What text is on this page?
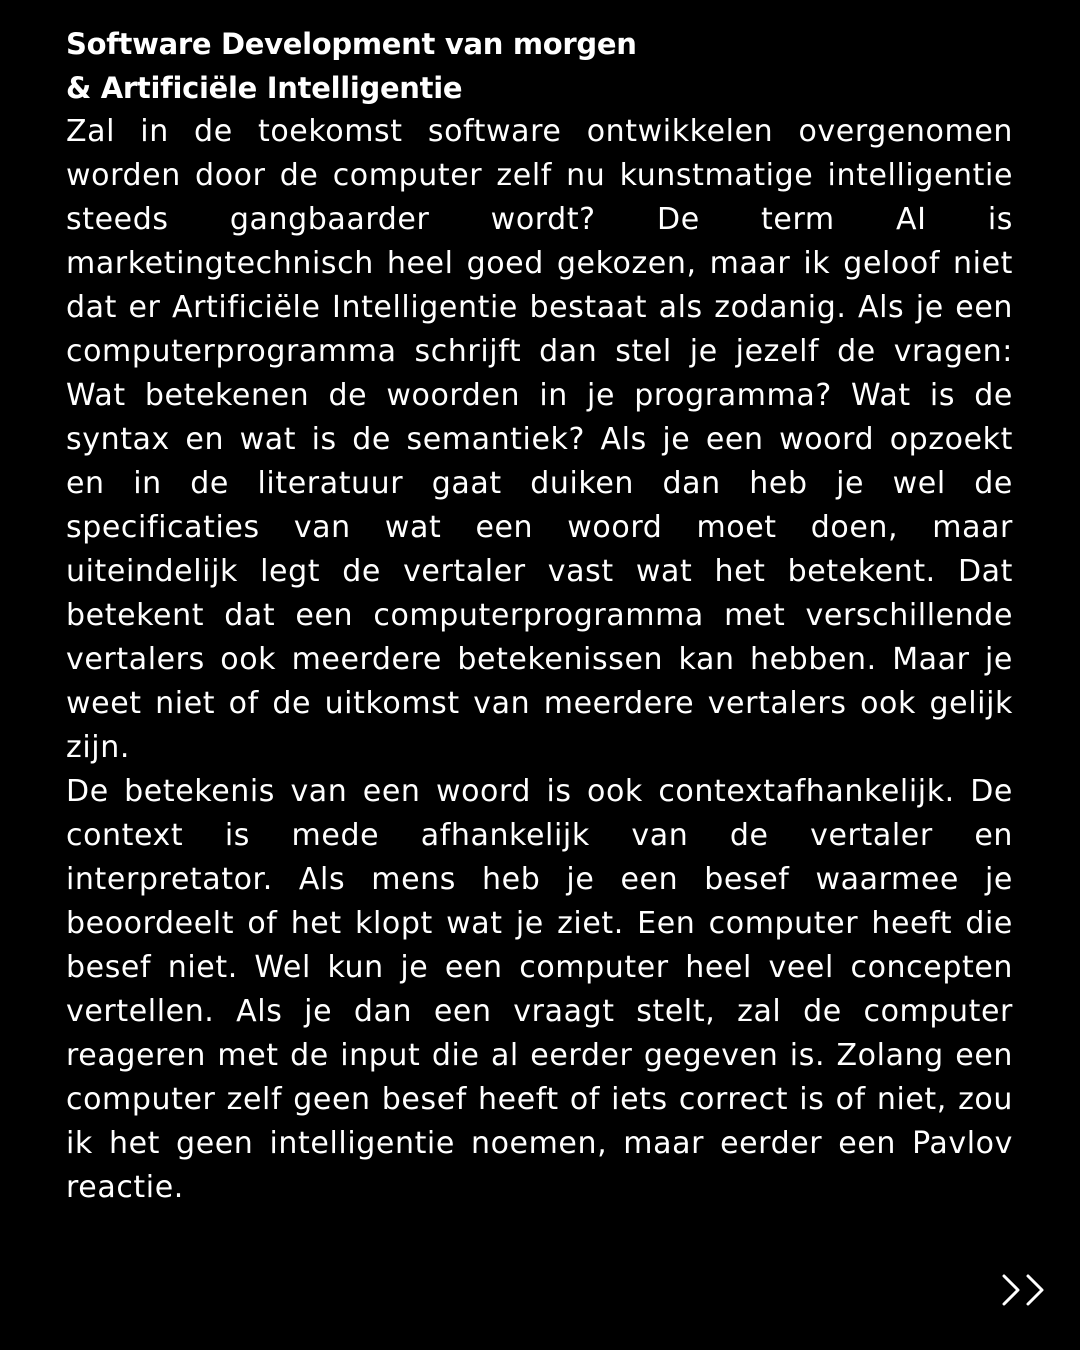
Software Development van morgen
& Artificiële Intelligentie

Zal in de toekomst software ontwikkelen overgenomen worden door de computer zelf nu kunstmatige intelligentie steeds gangbaarder wordt? De term AI is marketingtechnisch heel goed gekozen, maar ik geloof niet dat er Artificiële Intelligentie bestaat als zodanig. Als je een computerprogramma schrijft dan stel je jezelf de vragen: Wat betekenen de woorden in je programma? Wat is de syntax en wat is de semantiek? Als je een woord opzoekt en in de literatuur gaat duiken dan heb je wel de specificaties van wat een woord moet doen, maar uiteindelijk legt de vertaler vast wat het betekent. Dat betekent dat een computerprogramma met verschillende vertalers ook meerdere betekenissen kan hebben. Maar je weet niet of de uitkomst van meerdere vertalers ook gelijk zijn.

De betekenis van een woord is ook contextafhankelijk. De context is mede afhankelijk van de vertaler en interpretator. Als mens heb je een besef waarmee je beoordeelt of het klopt wat je ziet. Een computer heeft die besef niet. Wel kun je een computer heel veel concepten vertellen. Als je dan een vraagt stelt, zal de computer reageren met de input die al eerder gegeven is. Zolang een computer zelf geen besef heeft of iets correct is of niet, zou ik het geen intelligentie noemen, maar eerder een Pavlov reactie.
